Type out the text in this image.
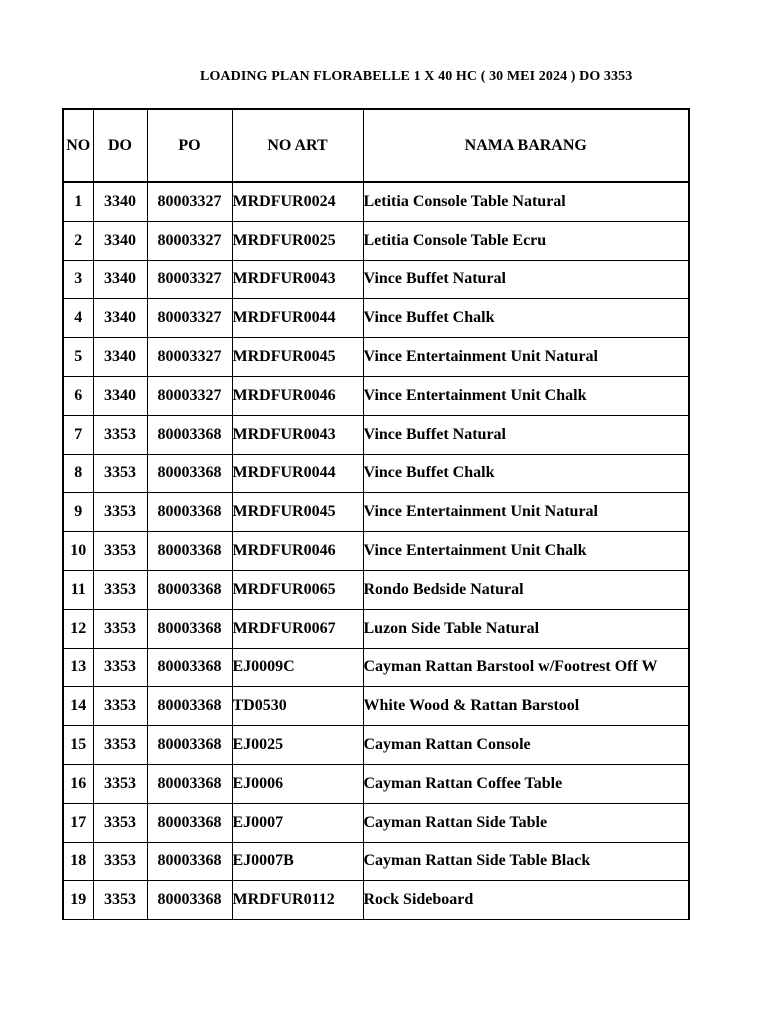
LOADING PLAN FLORABELLE 1 X 40 HC ( 30 MEI 2024 ) DO 3353
NO	DO	PO	NO ART	NAMA BARANG
1	3340	80003327	MRDFUR0024	Letitia Console Table Natural
2	3340	80003327	MRDFUR0025	Letitia Console Table Ecru
3	3340	80003327	MRDFUR0043	Vince Buffet Natural
4	3340	80003327	MRDFUR0044	Vince Buffet Chalk
5	3340	80003327	MRDFUR0045	Vince Entertainment Unit Natural
6	3340	80003327	MRDFUR0046	Vince Entertainment Unit Chalk
7	3353	80003368	MRDFUR0043	Vince Buffet Natural
8	3353	80003368	MRDFUR0044	Vince Buffet Chalk
9	3353	80003368	MRDFUR0045	Vince Entertainment Unit Natural
10	3353	80003368	MRDFUR0046	Vince Entertainment Unit Chalk
11	3353	80003368	MRDFUR0065	Rondo Bedside Natural
12	3353	80003368	MRDFUR0067	Luzon Side Table Natural
13	3353	80003368	EJ0009C	Cayman Rattan Barstool w/Footrest Off W
14	3353	80003368	TD0530	White Wood & Rattan Barstool
15	3353	80003368	EJ0025	Cayman Rattan Console
16	3353	80003368	EJ0006	Cayman Rattan Coffee Table
17	3353	80003368	EJ0007	Cayman Rattan Side Table
18	3353	80003368	EJ0007B	Cayman Rattan Side Table Black
19	3353	80003368	MRDFUR0112	Rock Sideboard
